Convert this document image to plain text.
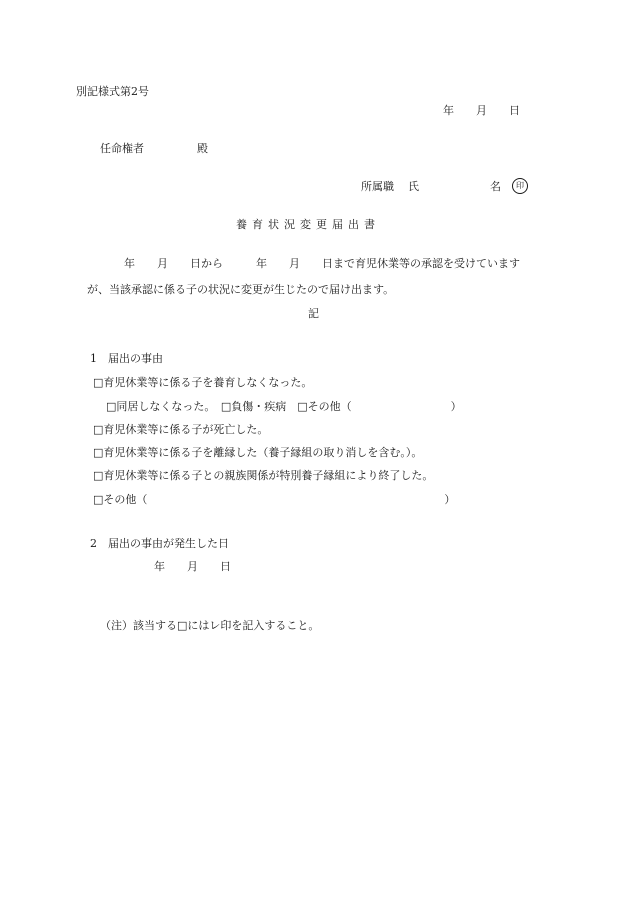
別記様式第2号
年　　月　　日
任命権者	殿
所属職 氏	名	印
養育状況変更届出書
年　　月　　日から　　　年　　月　　日まで育児休業等の承認を受けています
が、当該承認に係る子の状況に変更が生じたので届け出ます。
記
1　届出の事由
□育児休業等に係る子を養育しなくなった。
□同居しなくなった。　□負傷・疾病　□その他（　　　　　　　　　）
□育児休業等に係る子が死亡した。
□育児休業等に係る子を離縁した（養子縁組の取り消しを含む。）。
□育児休業等に係る子との親族関係が特別養子縁組により終了した。
□その他（　　　　　　　　　　　　　　　　　　　　　　　　　　　）
2　届出の事由が発生した日
年　　月　　日
（注）該当する□にはレ印を記入すること。
